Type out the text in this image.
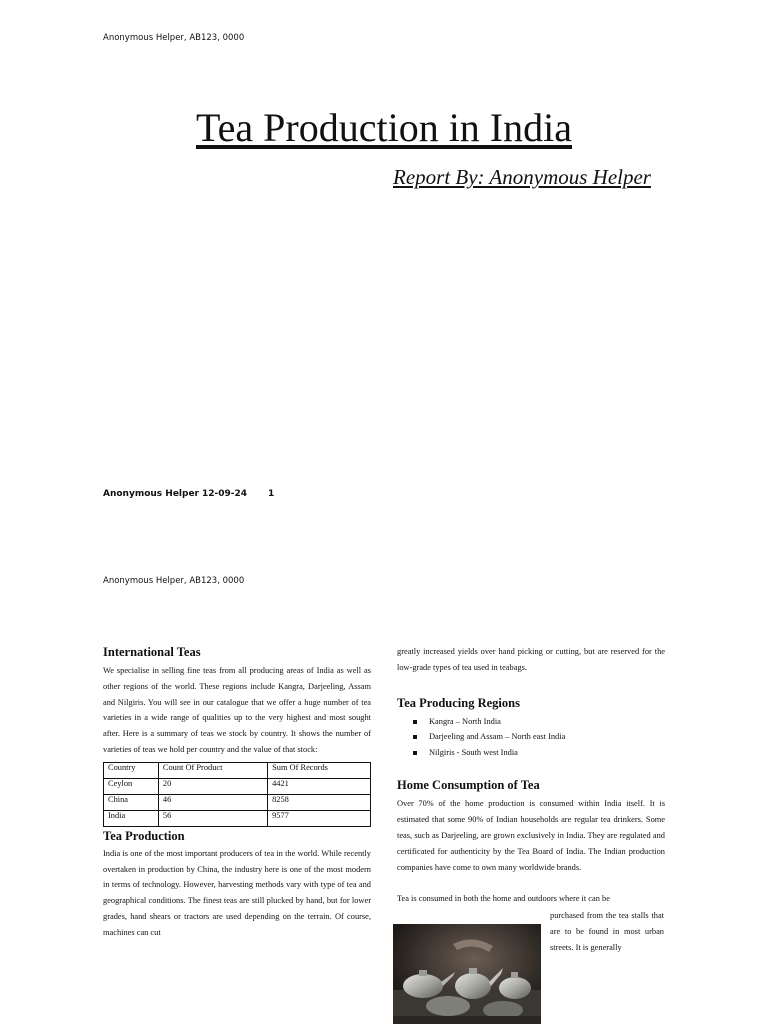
Anonymous Helper, AB123, 0000
Tea Production in India
Report By: Anonymous Helper
Anonymous Helper 12-09-24 1
Anonymous Helper, AB123, 0000
International Teas

We specialise in selling fine teas from all producing areas of India as well as other regions of the world. These regions include Kangra, Darjeeling, Assam and Nilgiris. You will see in our catalogue that we offer a huge number of tea varieties in a wide range of qualities up to the very highest and most sought after. Here is a summary of teas we stock by country. It shows the number of varieties of teas we hold per country and the value of that stock:

Country	Count Of Product	Sum Of Records
Ceylon	20	4421
China	46	8258
India	56	9577
Tea Production

India is one of the most important producers of tea in the world. While recently overtaken in production by China, the industry here is one of the most modern in terms of technology. However, harvesting methods vary with type of tea and geographical conditions. The finest teas are still plucked by hand, but for lower grades, hand shears or tractors are used depending on the terrain. Of course, machines can cut

greatly increased yields over hand picking or cutting, but are reserved for the low-grade types of tea used in teabags.

Tea Producing Regions
Kangra – North India
Darjeeling and Assam – North east India
Nilgiris - South west India
Home Consumption of Tea

Over 70% of the home production is consumed within India itself. It is estimated that some 90% of Indian households are regular tea drinkers. Some teas, such as Darjeeling, are grown exclusively in India. They are regulated and certificated for authenticity by the Tea Board of India. The Indian production companies have come to own many worldwide brands.

Tea is consumed in both the home and outdoors where it can be

purchased from the tea stalls that are to be found in most urban streets. It is generally
